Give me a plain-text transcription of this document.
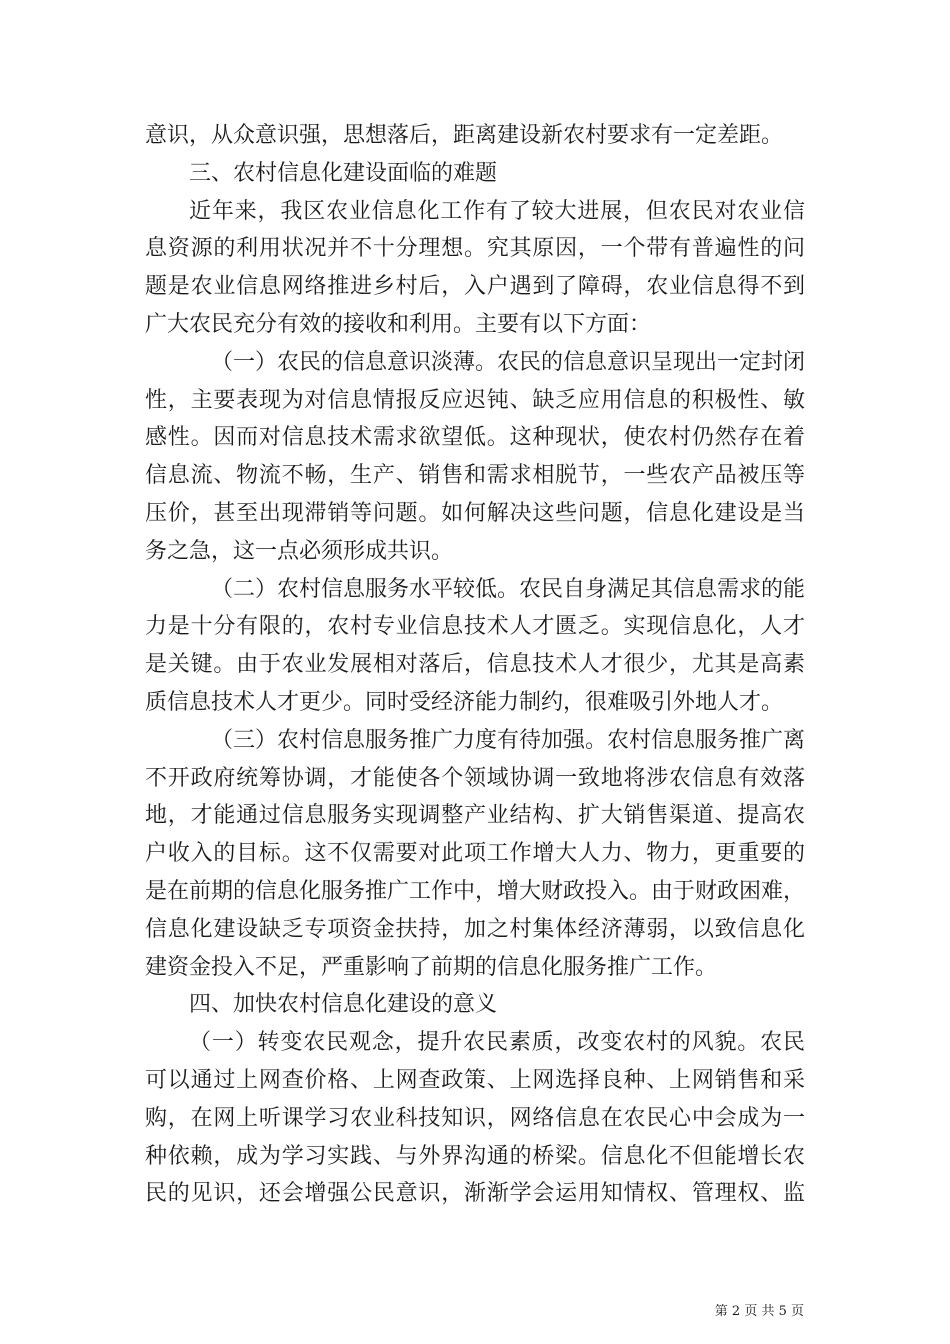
意识，从众意识强，思想落后，距离建设新农村要求有一定差距。
三、农村信息化建设面临的难题
近年来，我区农业信息化工作有了较大进展，但农民对农业信
息资源的利用状况并不十分理想。究其原因，一个带有普遍性的问
题是农业信息网络推进乡村后，入户遇到了障碍，农业信息得不到
广大农民充分有效的接收和利用。主要有以下方面：
（一）农民的信息意识淡薄。农民的信息意识呈现出一定封闭
性，主要表现为对信息情报反应迟钝、缺乏应用信息的积极性、敏
感性。因而对信息技术需求欲望低。这种现状，使农村仍然存在着
信息流、物流不畅，生产、销售和需求相脱节，一些农产品被压等
压价，甚至出现滞销等问题。如何解决这些问题，信息化建设是当
务之急，这一点必须形成共识。
（二）农村信息服务水平较低。农民自身满足其信息需求的能
力是十分有限的，农村专业信息技术人才匮乏。实现信息化，人才
是关键。由于农业发展相对落后，信息技术人才很少，尤其是高素
质信息技术人才更少。同时受经济能力制约，很难吸引外地人才。
（三）农村信息服务推广力度有待加强。农村信息服务推广离
不开政府统筹协调，才能使各个领域协调一致地将涉农信息有效落
地，才能通过信息服务实现调整产业结构、扩大销售渠道、提高农
户收入的目标。这不仅需要对此项工作增大人力、物力，更重要的
是在前期的信息化服务推广工作中，增大财政投入。由于财政困难，
信息化建设缺乏专项资金扶持，加之村集体经济薄弱，以致信息化
建资金投入不足，严重影响了前期的信息化服务推广工作。
四、加快农村信息化建设的意义
（一）转变农民观念，提升农民素质，改变农村的风貌。农民
可以通过上网查价格、上网查政策、上网选择良种、上网销售和采
购，在网上听课学习农业科技知识，网络信息在农民心中会成为一
种依赖，成为学习实践、与外界沟通的桥梁。信息化不但能增长农
民的见识，还会增强公民意识，渐渐学会运用知情权、管理权、监
第 2 页 共 5 页
